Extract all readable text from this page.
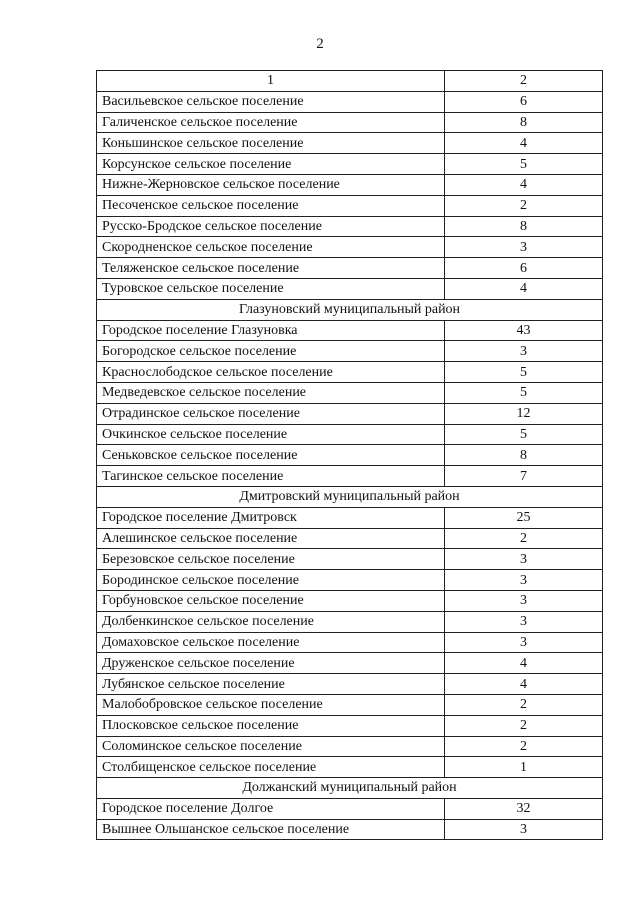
2
1	2
Васильевское сельское поселение	6
Галиченское сельское поселение	8
Коньшинское сельское поселение	4
Корсунское сельское поселение	5
Нижне-Жерновское сельское поселение	4
Песоченское сельское поселение	2
Русско-Бродское сельское поселение	8
Скородненское сельское поселение	3
Теляженское сельское поселение	6
Туровское сельское поселение	4
Глазуновский муниципальный район	
Городское поселение Глазуновка	43
Богородское сельское поселение	3
Краснослободское сельское поселение	5
Медведевское сельское поселение	5
Отрадинское сельское поселение	12
Очкинское сельское поселение	5
Сеньковское сельское поселение	8
Тагинское сельское поселение	7
Дмитровский муниципальный район	
Городское поселение Дмитровск	25
Алешинское сельское поселение	2
Березовское сельское поселение	3
Бородинское сельское поселение	3
Горбуновское сельское поселение	3
Долбенкинское сельское поселение	3
Домаховское сельское поселение	3
Друженское сельское поселение	4
Лубянское сельское поселение	4
Малобобровское сельское поселение	2
Плосковское сельское поселение	2
Соломинское сельское поселение	2
Столбищенское сельское поселение	1
Должанский муниципальный район	
Городское поселение Долгое	32
Вышнее Ольшанское сельское поселение	3
